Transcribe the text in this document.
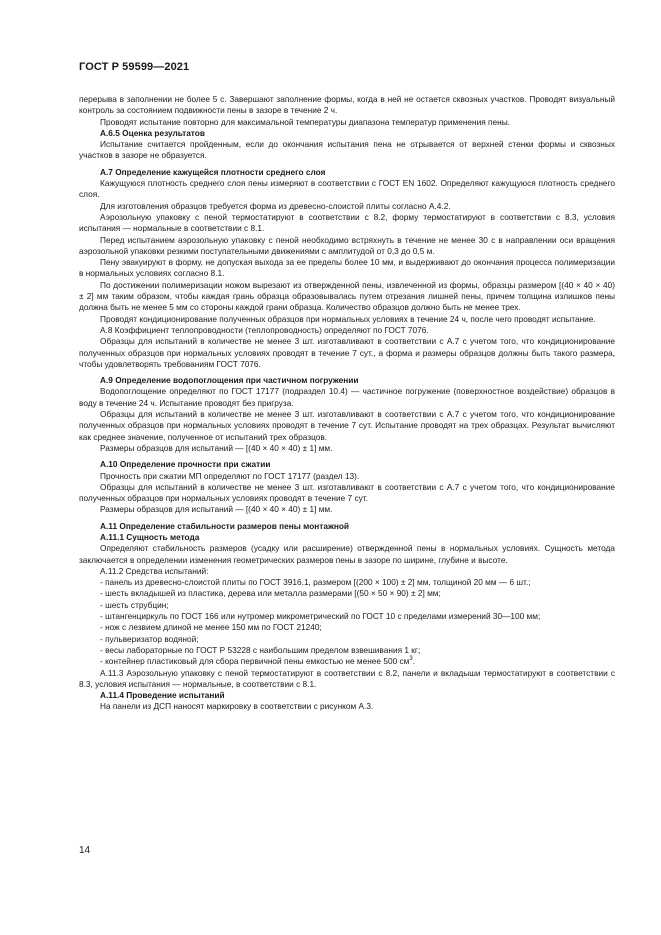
ГОСТ Р 59599—2021

перерыва в заполнении не более 5 с. Завершают заполнение формы, когда в ней не остается сквозных участков. Проводят визуальный контроль за состоянием подвижности пены в зазоре в течение 2 ч.

Проводят испытание повторно для максимальной температуры диапазона температур применения пены.

А.6.5 Оценка результатов

Испытание считается пройденным, если до окончания испытания пена не отрывается от верхней стенки формы и сквозных участков в зазоре не образуется.

А.7 Определение кажущейся плотности среднего слоя

Кажущуюся плотность среднего слоя пены измеряют в соответствии с ГОСТ EN 1602. Определяют кажущуюся плотность среднего слоя.

Для изготовления образцов требуется форма из древесно-слоистой плиты согласно А.4.2.

Аэрозольную упаковку с пеной термостатируют в соответствии с 8.2, форму термостатируют в соответствии с 8.3, условия испытания — нормальные в соответствии с 8.1.

Перед испытанием аэрозольную упаковку с пеной необходимо встряхнуть в течение не менее 30 с в направлении оси вращения аэрозольной упаковки резкими поступательными движениями с амплитудой от 0,3 до 0,5 м.

Пену эвакуируют в форму, не допуская выхода за ее пределы более 10 мм, и выдерживают до окончания процесса полимеризации в нормальных условиях согласно 8.1.

По достижении полимеризации ножом вырезают из отвержденной пены, извлеченной из формы, образцы размером [(40 × 40 × 40) ± 2] мм таким образом, чтобы каждая грань образца образовывалась путем отрезания лишней пены, причем толщина излишков пены должна быть не менее 5 мм со стороны каждой грани образца. Количество образцов должно быть не менее трех.

Проводят кондиционирование полученных образцов при нормальных условиях в течение 24 ч, после чего проводят испытание.

А.8 Коэффициент теплопроводности (теплопроводность) определяют по ГОСТ 7076.

Образцы для испытаний в количестве не менее 3 шт. изготавливают в соответствии с А.7 с учетом того, что кондиционирование полученных образцов при нормальных условиях проводят в течение 7 сут., а форма и размеры образцов должны быть такого размера, чтобы удовлетворять требованиям ГОСТ 7076.

А.9 Определение водопоглощения при частичном погружении

Водопоглощение определяют по ГОСТ 17177 (подраздел 10.4) — частичное погружение (поверхностное воздействие) образцов в воду в течение 24 ч. Испытание проводят без пригруза.

Образцы для испытаний в количестве не менее 3 шт. изготавливают в соответствии с А.7 с учетом того, что кондиционирование полученных образцов при нормальных условиях проводят в течение 7 сут. Испытание проводят на трех образцах. Результат вычисляют как среднее значение, полученное от испытаний трех образцов.

Размеры образцов для испытаний — [(40 × 40 × 40) ± 1] мм.

А.10 Определение прочности при сжатии

Прочность при сжатии МП определяют по ГОСТ 17177 (раздел 13).

Образцы для испытаний в количестве не менее 3 шт. изготавливают в соответствии с А.7 с учетом того, что кондиционирование полученных образцов при нормальных условиях проводят в течение 7 сут.

Размеры образцов для испытаний — [(40 × 40 × 40) ± 1] мм.

А.11 Определение стабильности размеров пены монтажной

А.11.1 Сущность метода

Определяют стабильность размеров (усадку или расширение) отвержденной пены в нормальных условиях. Сущность метода заключается в определении изменения геометрических размеров пены в зазоре по ширине, глубине и высоте.

А.11.2 Средства испытаний:

- панель из древесно-слоистой плиты по ГОСТ 3916.1, размером [(200 × 100) ± 2] мм, толщиной 20 мм — 6 шт.;

- шесть вкладышей из пластика, дерева или металла размерами [(50 × 50 × 90) ± 2] мм;

- шесть струбцин;

- штангенциркуль по ГОСТ 166 или нутромер микрометрический по ГОСТ 10 с пределами измерений 30—100 мм;

- нож с лезвием длиной не менее 150 мм по ГОСТ 21240;

- пульверизатор водяной;

- весы лабораторные по ГОСТ Р 53228 с наибольшим пределом взвешивания 1 кг;

- контейнер пластиковый для сбора первичной пены емкостью не менее 500 $см^3$.

А.11.3 Аэрозольную упаковку с пеной термостатируют в соответствии с 8.2, панели и вкладыши термостатируют в соответствии с 8.3, условия испытания — нормальные, в соответствии с 8.1.

А.11.4 Проведение испытаний

На панели из ДСП наносят маркировку в соответствии с рисунком А.3.

14
